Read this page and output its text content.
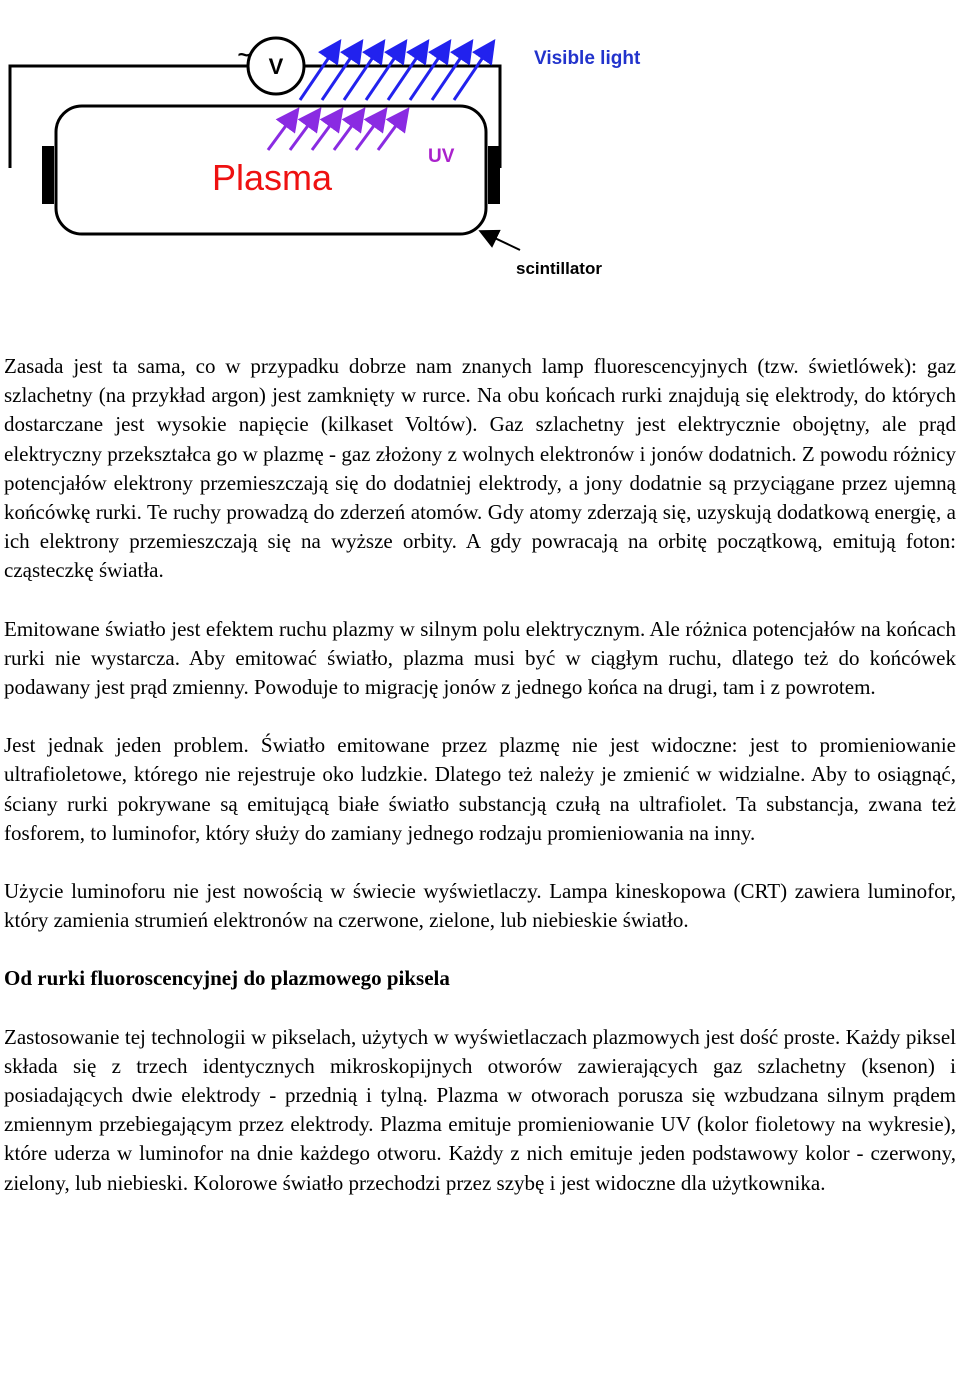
V
~	Visible light
UV
Plasma
scintillator

Zasada jest ta sama, co w przypadku dobrze nam znanych lamp fluorescencyjnych (tzw. świetlówek): gaz szlachetny (na przykład argon) jest zamknięty w rurce. Na obu końcach rurki znajdują się elektrody, do których dostarczane jest wysokie napięcie (kilkaset Voltów). Gaz szlachetny jest elektrycznie obojętny, ale prąd elektryczny przekształca go w plazmę - gaz złożony z wolnych elektronów i jonów dodatnich. Z powodu różnicy potencjałów elektrony przemieszczają się do dodatniej elektrody, a jony dodatnie są przyciągane przez ujemną końcówkę rurki. Te ruchy prowadzą do zderzeń atomów. Gdy atomy zderzają się, uzyskują dodatkową energię, a ich elektrony przemieszczają się na wyższe orbity. A gdy powracają na orbitę początkową, emitują foton: cząsteczkę światła.

Emitowane światło jest efektem ruchu plazmy w silnym polu elektrycznym. Ale różnica potencjałów na końcach rurki nie wystarcza. Aby emitować światło, plazma musi być w ciągłym ruchu, dlatego też do końcówek podawany jest prąd zmienny. Powoduje to migrację jonów z jednego końca na drugi, tam i z powrotem.

Jest jednak jeden problem. Światło emitowane przez plazmę nie jest widoczne: jest to promieniowanie ultrafioletowe, którego nie rejestruje oko ludzkie. Dlatego też należy je zmienić w widzialne. Aby to osiągnąć, ściany rurki pokrywane są emitującą białe światło substancją czułą na ultrafiolet. Ta substancja, zwana też fosforem, to luminofor, który służy do zamiany jednego rodzaju promieniowania na inny.

Użycie luminoforu nie jest nowością w świecie wyświetlaczy. Lampa kineskopowa (CRT) zawiera luminofor, który zamienia strumień elektronów na czerwone, zielone, lub niebieskie światło.

Od rurki fluoroscencyjnej do plazmowego piksela

Zastosowanie tej technologii w pikselach, użytych w wyświetlaczach plazmowych jest dość proste. Każdy piksel składa się z trzech identycznych mikroskopijnych otworów zawierających gaz szlachetny (ksenon) i posiadających dwie elektrody - przednią i tylną. Plazma w otworach porusza się wzbudzana silnym prądem zmiennym przebiegającym przez elektrody. Plazma emituje promieniowanie UV (kolor fioletowy na wykresie), które uderza w luminofor na dnie każdego otworu. Każdy z nich emituje jeden podstawowy kolor - czerwony, zielony, lub niebieski. Kolorowe światło przechodzi przez szybę i jest widoczne dla użytkownika.
